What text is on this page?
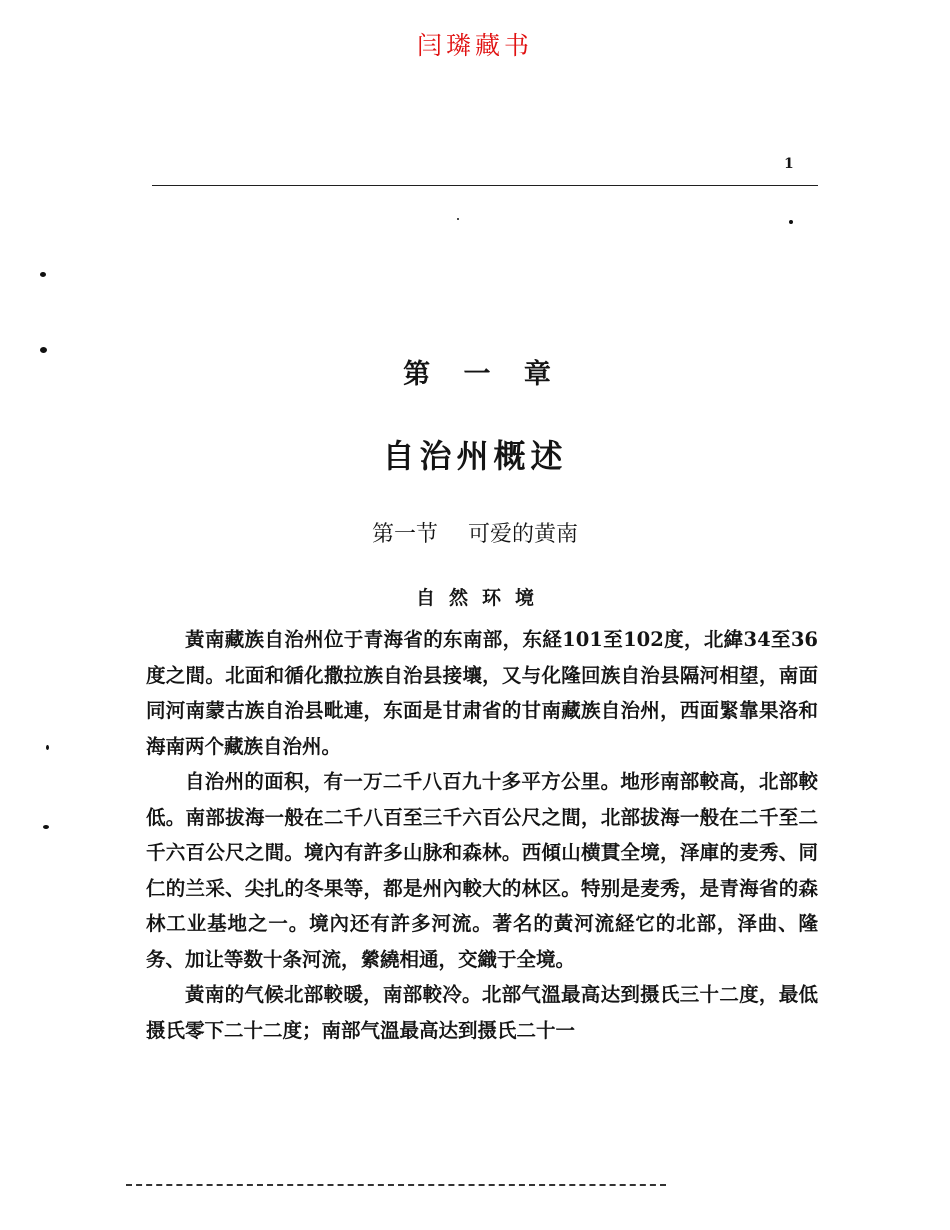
闫璘藏书
1
第 一 章
自治州概述
第一节 可爱的黄南
自然环境

黃南藏族自治州位于青海省的东南部，东経101至102度，北緯34至36度之間。北面和循化撒拉族自治县接壤，又与化隆回族自治县隔河相望，南面同河南蒙古族自治县毗連，东面是甘肃省的甘南藏族自治州，西面緊靠果洛和海南两个藏族自治州。

自治州的面积，有一万二千八百九十多平方公里。地形南部較高，北部較低。南部拔海一般在二千八百至三千六百公尺之間，北部拔海一般在二千至二千六百公尺之間。境內有許多山脉和森林。西傾山横貫全境，泽庫的麦秀、同仁的兰采、尖扎的冬果等，都是州內較大的林区。特别是麦秀，是青海省的森林工业基地之一。境內还有許多河流。著名的黃河流経它的北部，泽曲、隆务、加让等数十条河流，縈繞相通，交織于全境。

黃南的气候北部較暖，南部較冷。北部气溫最高达到摄氏三十二度，最低摄氏零下二十二度；南部气溫最高达到摄氏二十一
